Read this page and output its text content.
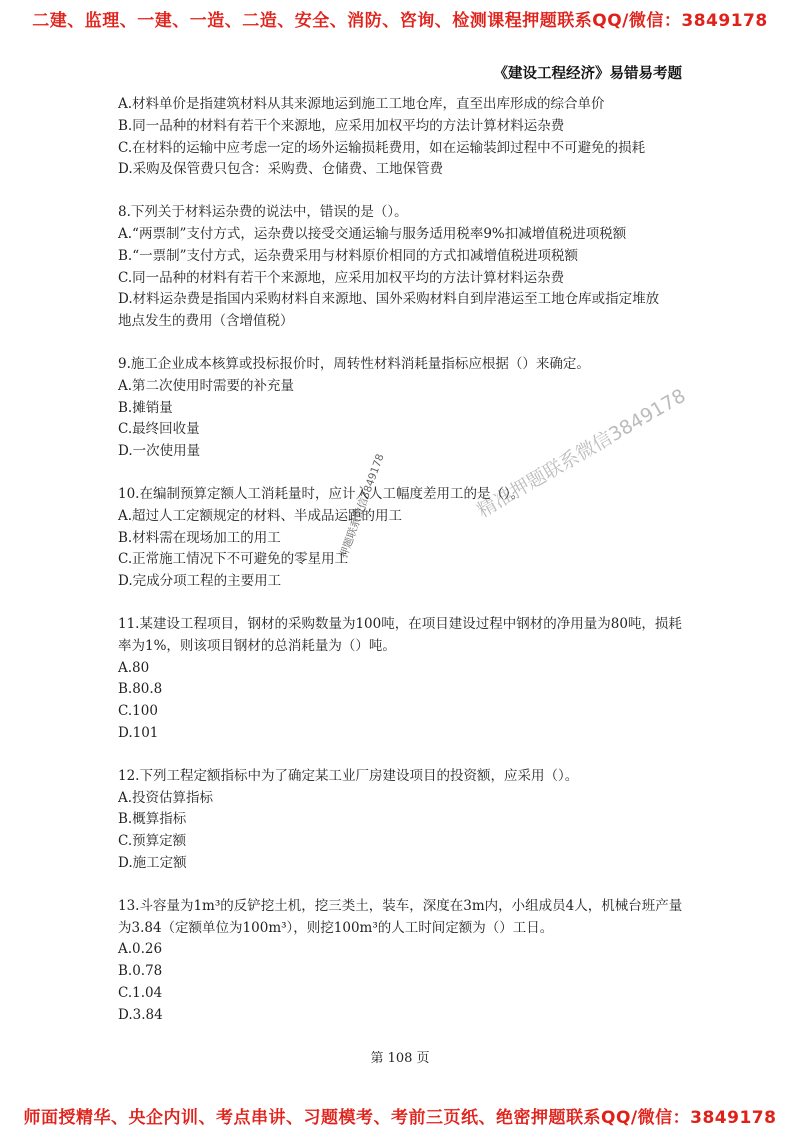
二建、监理、一建、一造、二造、安全、消防、咨询、检测课程押题联系QQ/微信：3849178
《建设工程经济》易错易考题

A.材料单价是指建筑材料从其来源地运到施工工地仓库，直至出库形成的综合单价

B.同一品种的材料有若干个来源地，应采用加权平均的方法计算材料运杂费

C.在材料的运输中应考虑一定的场外运输损耗费用，如在运输装卸过程中不可避免的损耗

D.采购及保管费只包含：采购费、仓储费、工地保管费

8.下列关于材料运杂费的说法中，错误的是（）。

A.“两票制”支付方式，运杂费以接受交通运输与服务适用税率9%扣减增值税进项税额

B.“一票制”支付方式，运杂费采用与材料原价相同的方式扣减增值税进项税额

C.同一品种的材料有若干个来源地，应采用加权平均的方法计算材料运杂费

D.材料运杂费是指国内采购材料自来源地、国外采购材料自到岸港运至工地仓库或指定堆放

地点发生的费用（含增值税）

9.施工企业成本核算或投标报价时，周转性材料消耗量指标应根据（）来确定。

A.第二次使用时需要的补充量

B.摊销量

C.最终回收量

D.一次使用量

10.在编制预算定额人工消耗量时，应计入人工幅度差用工的是（）。

A.超过人工定额规定的材料、半成品运距的用工

B.材料需在现场加工的用工

C.正常施工情况下不可避免的零星用工

D.完成分项工程的主要用工

11.某建设工程项目，钢材的采购数量为100吨，在项目建设过程中钢材的净用量为80吨，损耗率为1%，则该项目钢材的总消耗量为（）吨。

A.80

B.80.8

C.100

D.101

12.下列工程定额指标中为了确定某工业厂房建设项目的投资额，应采用（）。

A.投资估算指标

B.概算指标

C.预算定额

D.施工定额

13.斗容量为1m³的反铲挖土机，挖三类土，装车，深度在3m内，小组成员4人，机械台班产量为3.84（定额单位为100m³），则挖100m³的人工时间定额为（）工日。

A.0.26

B.0.78

C.1.04

D.3.84

精准押题联系微信3849178
押题联系微信3849178
第 108 页
师面授精华、央企内训、考点串讲、习题模考、考前三页纸、绝密押题联系QQ/微信：3849178
